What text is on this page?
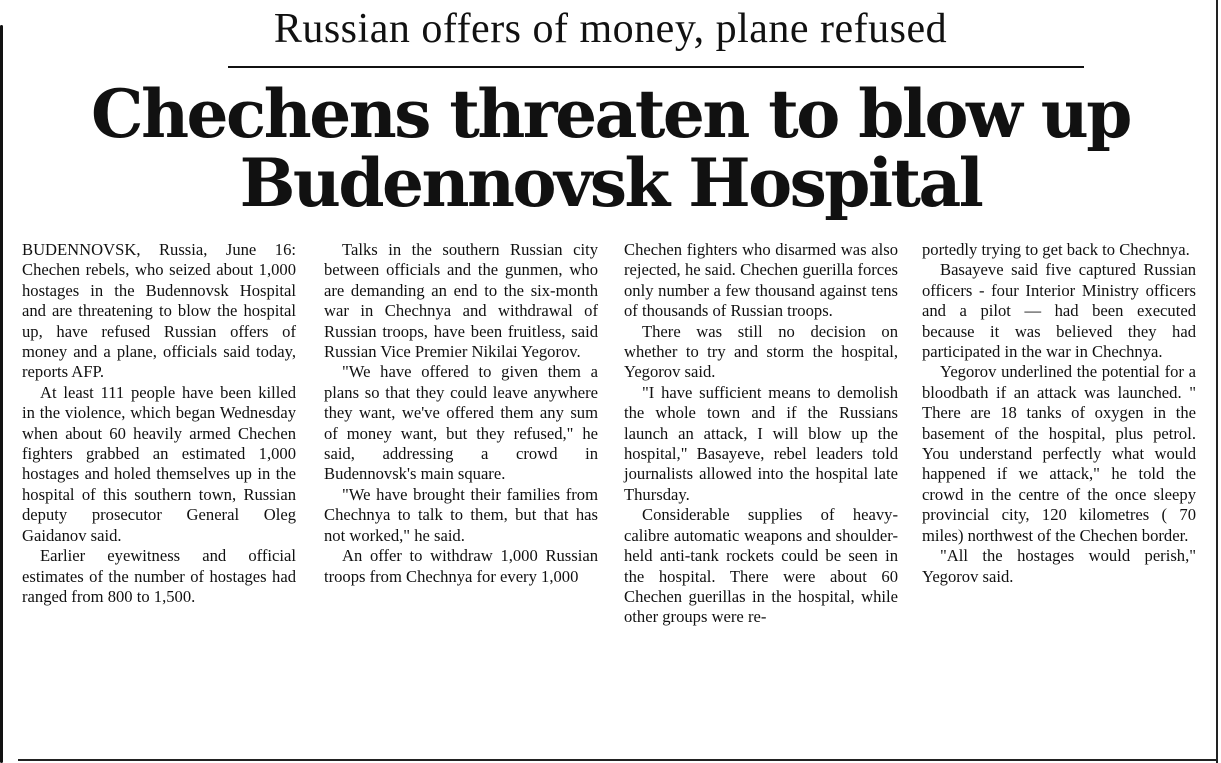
Russian offers of money, plane refused
Chechens threaten to blow up
Budennovsk Hospital

BUDENNOVSK, Russia, June 16: Chechen rebels, who seized about 1,000 hostages in the Budennovsk Hospital and are threatening to blow the hospital up, have refused Russian offers of money and a plane, officials said today, reports AFP.

At least 111 people have been killed in the violence, which began Wednesday when about 60 heavily armed Chechen fighters grabbed an estimated 1,000 hostages and holed themselves up in the hospital of this southern town, Russian deputy prosecutor General Oleg Gaidanov said.

Earlier eyewitness and official estimates of the number of hostages had ranged from 800 to 1,500.

Talks in the southern Russian city between officials and the gunmen, who are demanding an end to the six-month war in Chechnya and withdrawal of Russian troops, have been fruitless, said Russian Vice Premier Nikilai Yegorov.

"We have offered to given them a plans so that they could leave anywhere they want, we've offered them any sum of money want, but they refused," he said, addressing a crowd in Budennovsk's main square.

"We have brought their families from Chechnya to talk to them, but that has not worked," he said.

An offer to withdraw 1,000 Russian troops from Chechnya for every 1,000

Chechen fighters who disarmed was also rejected, he said. Chechen guerilla forces only number a few thousand against tens of thousands of Russian troops.

There was still no decision on whether to try and storm the hospital, Yegorov said.

"I have sufficient means to demolish the whole town and if the Russians launch an attack, I will blow up the hospital," Basayeve, rebel leaders told journalists allowed into the hospital late Thursday.

Considerable supplies of heavy-calibre automatic weapons and shoulder-held anti-tank rockets could be seen in the hospital. There were about 60 Chechen guerillas in the hospital, while other groups were re-

portedly trying to get back to Chechnya.

Basayeve said five captured Russian officers - four Interior Ministry officers and a pilot — had been executed because it was believed they had participated in the war in Chechnya.

Yegorov underlined the potential for a bloodbath if an attack was launched. " There are 18 tanks of oxygen in the basement of the hospital, plus petrol. You understand perfectly what would happened if we attack," he told the crowd in the centre of the once sleepy provincial city, 120 kilometres ( 70 miles) northwest of the Chechen border.

"All the hostages would perish," Yegorov said.
